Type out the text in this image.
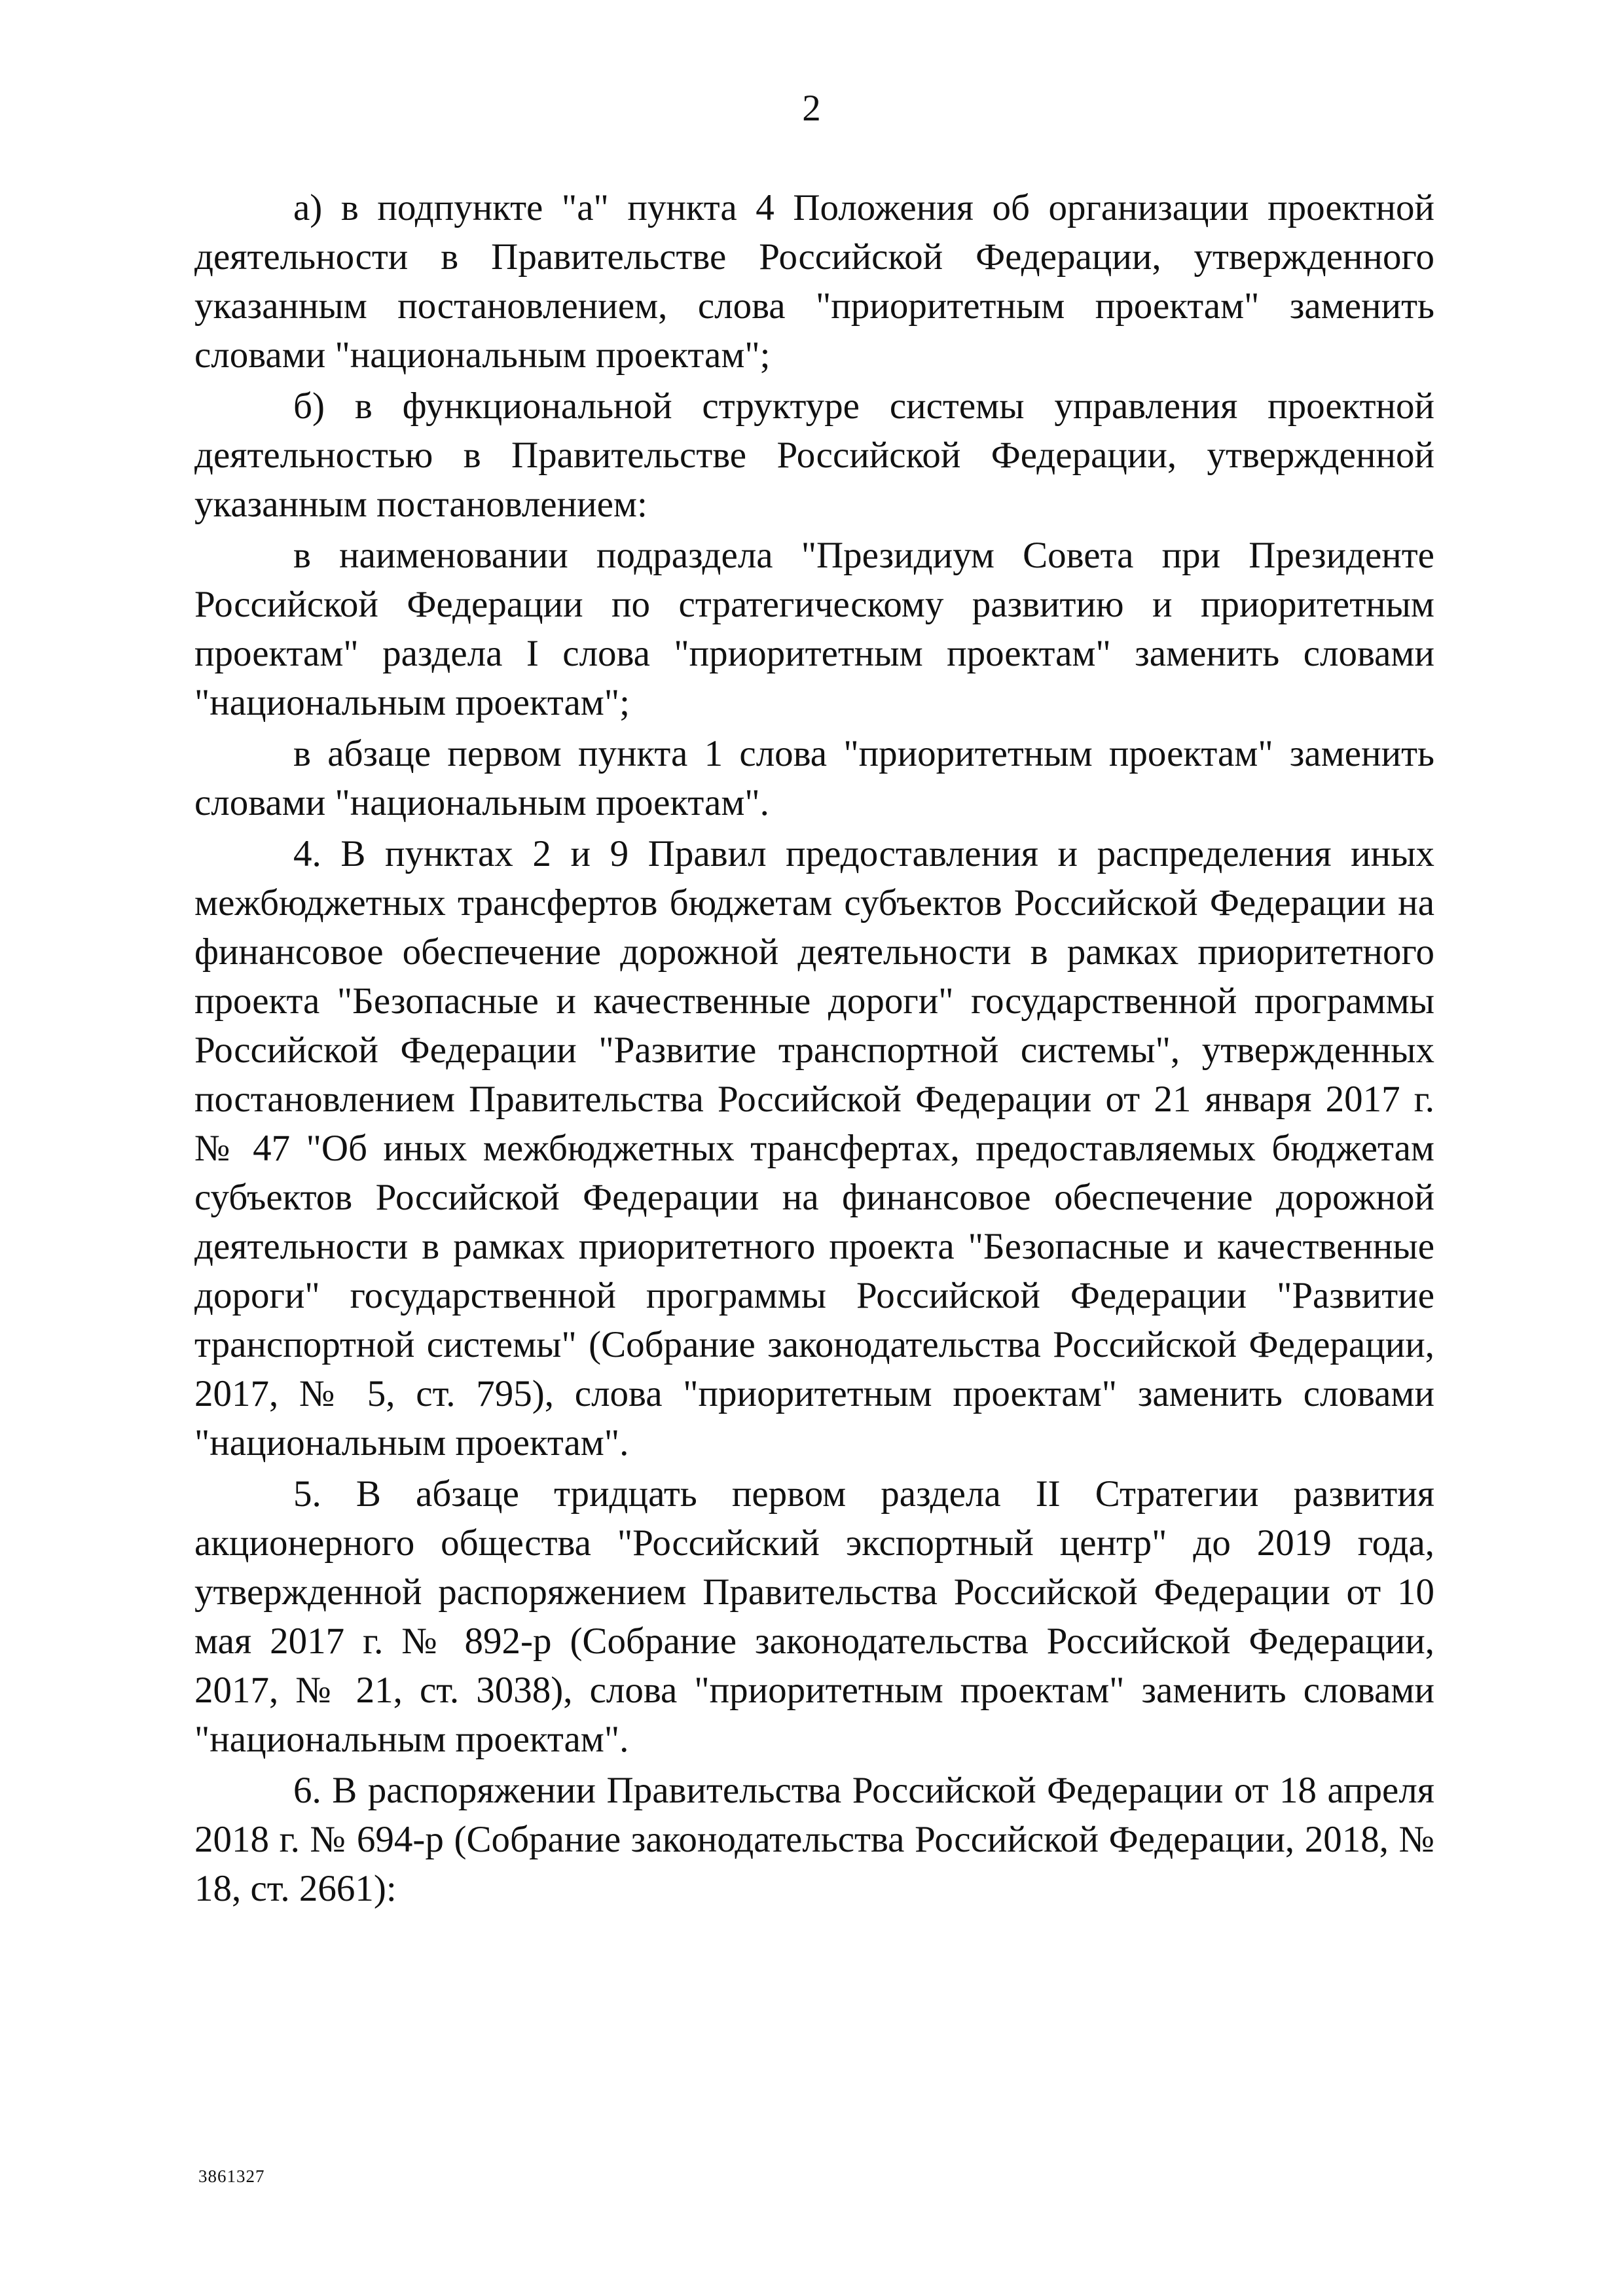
2

а) в подпункте "а" пункта 4 Положения об организации проектной деятельности в Правительстве Российской Федерации, утвержденного указанным постановлением, слова "приоритетным проектам" заменить словами "национальным проектам";

б) в функциональной структуре системы управления проектной деятельностью в Правительстве Российской Федерации, утвержденной указанным постановлением:

в наименовании подраздела "Президиум Совета при Президенте Российской Федерации по стратегическому развитию и приоритетным проектам" раздела I слова "приоритетным проектам" заменить словами "национальным проектам";

в абзаце первом пункта 1 слова "приоритетным проектам" заменить словами "национальным проектам".

4. В пунктах 2 и 9 Правил предоставления и распределения иных межбюджетных трансфертов бюджетам субъектов Российской Федерации на финансовое обеспечение дорожной деятельности в рамках приоритетного проекта "Безопасные и качественные дороги" государственной программы Российской Федерации "Развитие транспортной системы", утвержденных постановлением Правительства Российской Федерации от 21 января 2017 г. № 47 "Об иных межбюджетных трансфертах, предоставляемых бюджетам субъектов Российской Федерации на финансовое обеспечение дорожной деятельности в рамках приоритетного проекта "Безопасные и качественные дороги" государственной программы Российской Федерации "Развитие транспортной системы" (Собрание законодательства Российской Федерации, 2017, № 5, ст. 795), слова "приоритетным проектам" заменить словами "национальным проектам".

5. В абзаце тридцать первом раздела II Стратегии развития акционерного общества "Российский экспортный центр" до 2019 года, утвержденной распоряжением Правительства Российской Федерации от 10 мая 2017 г. № 892-р (Собрание законодательства Российской Федерации, 2017, № 21, ст. 3038), слова "приоритетным проектам" заменить словами "национальным проектам".

6. В распоряжении Правительства Российской Федерации от 18 апреля 2018 г. № 694-р (Собрание законодательства Российской Федерации, 2018, № 18, ст. 2661):

3861327
